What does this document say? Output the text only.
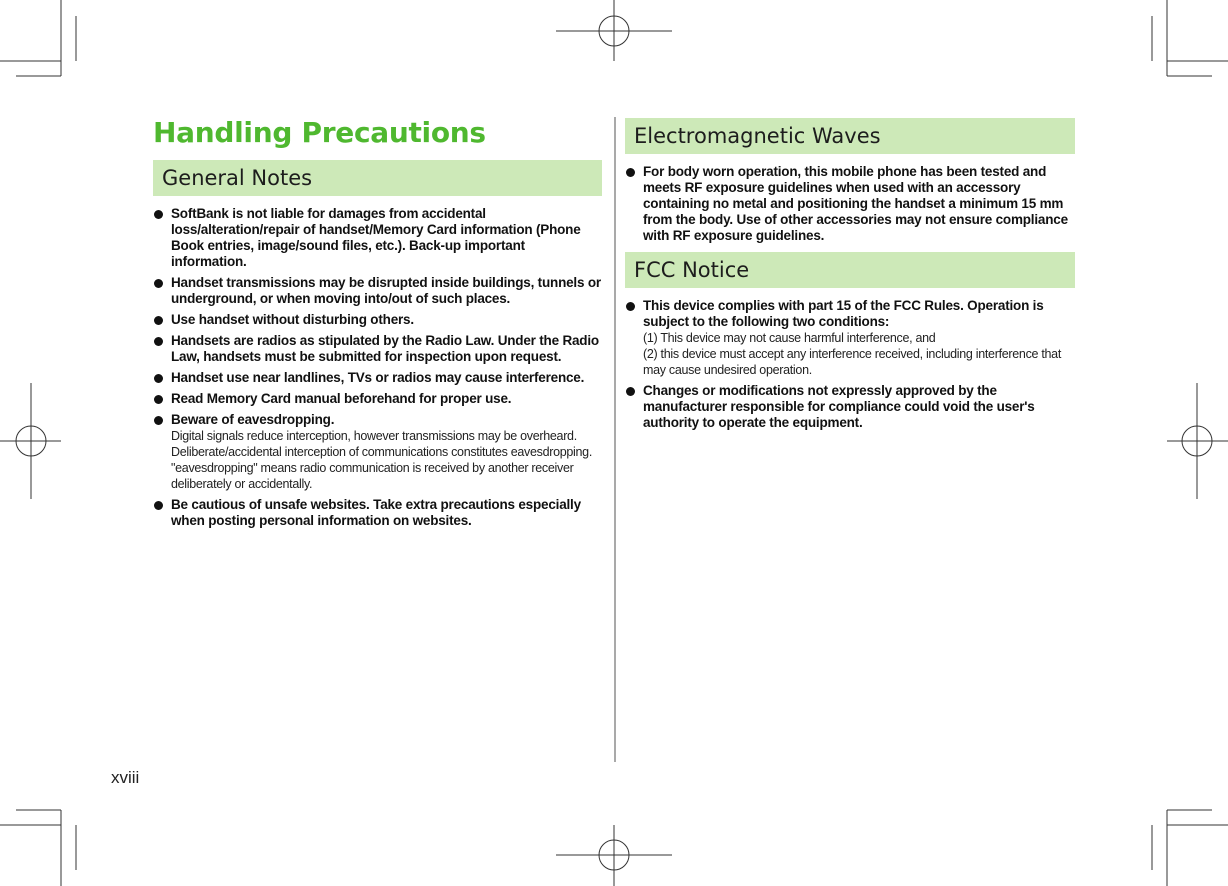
Handling Precautions
General Notes
SoftBank is not liable for damages from accidental loss/alteration/repair of handset/Memory Card information (Phone Book entries, image/sound files, etc.). Back-up important information.
Handset transmissions may be disrupted inside buildings, tunnels or underground, or when moving into/out of such places.
Use handset without disturbing others.
Handsets are radios as stipulated by the Radio Law. Under the Radio Law, handsets must be submitted for inspection upon request.
Handset use near landlines, TVs or radios may cause interference.
Read Memory Card manual beforehand for proper use.
Beware of eavesdropping.
Digital signals reduce interception, however transmissions may be overheard. Deliberate/accidental interception of communications constitutes eavesdropping.
"eavesdropping" means radio communication is received by another receiver deliberately or accidentally.
Be cautious of unsafe websites. Take extra precautions especially when posting personal information on websites.
Electromagnetic Waves
For body worn operation, this mobile phone has been tested and meets RF exposure guidelines when used with an accessory containing no metal and positioning the handset a minimum 15 mm from the body. Use of other accessories may not ensure compliance with RF exposure guidelines.
FCC Notice
This device complies with part 15 of the FCC Rules. Operation is subject to the following two conditions:
(1) This device may not cause harmful interference, and
(2) this device must accept any interference received, including interference that may cause undesired operation.
Changes or modifications not expressly approved by the manufacturer responsible for compliance could void the user's authority to operate the equipment.
xviii
